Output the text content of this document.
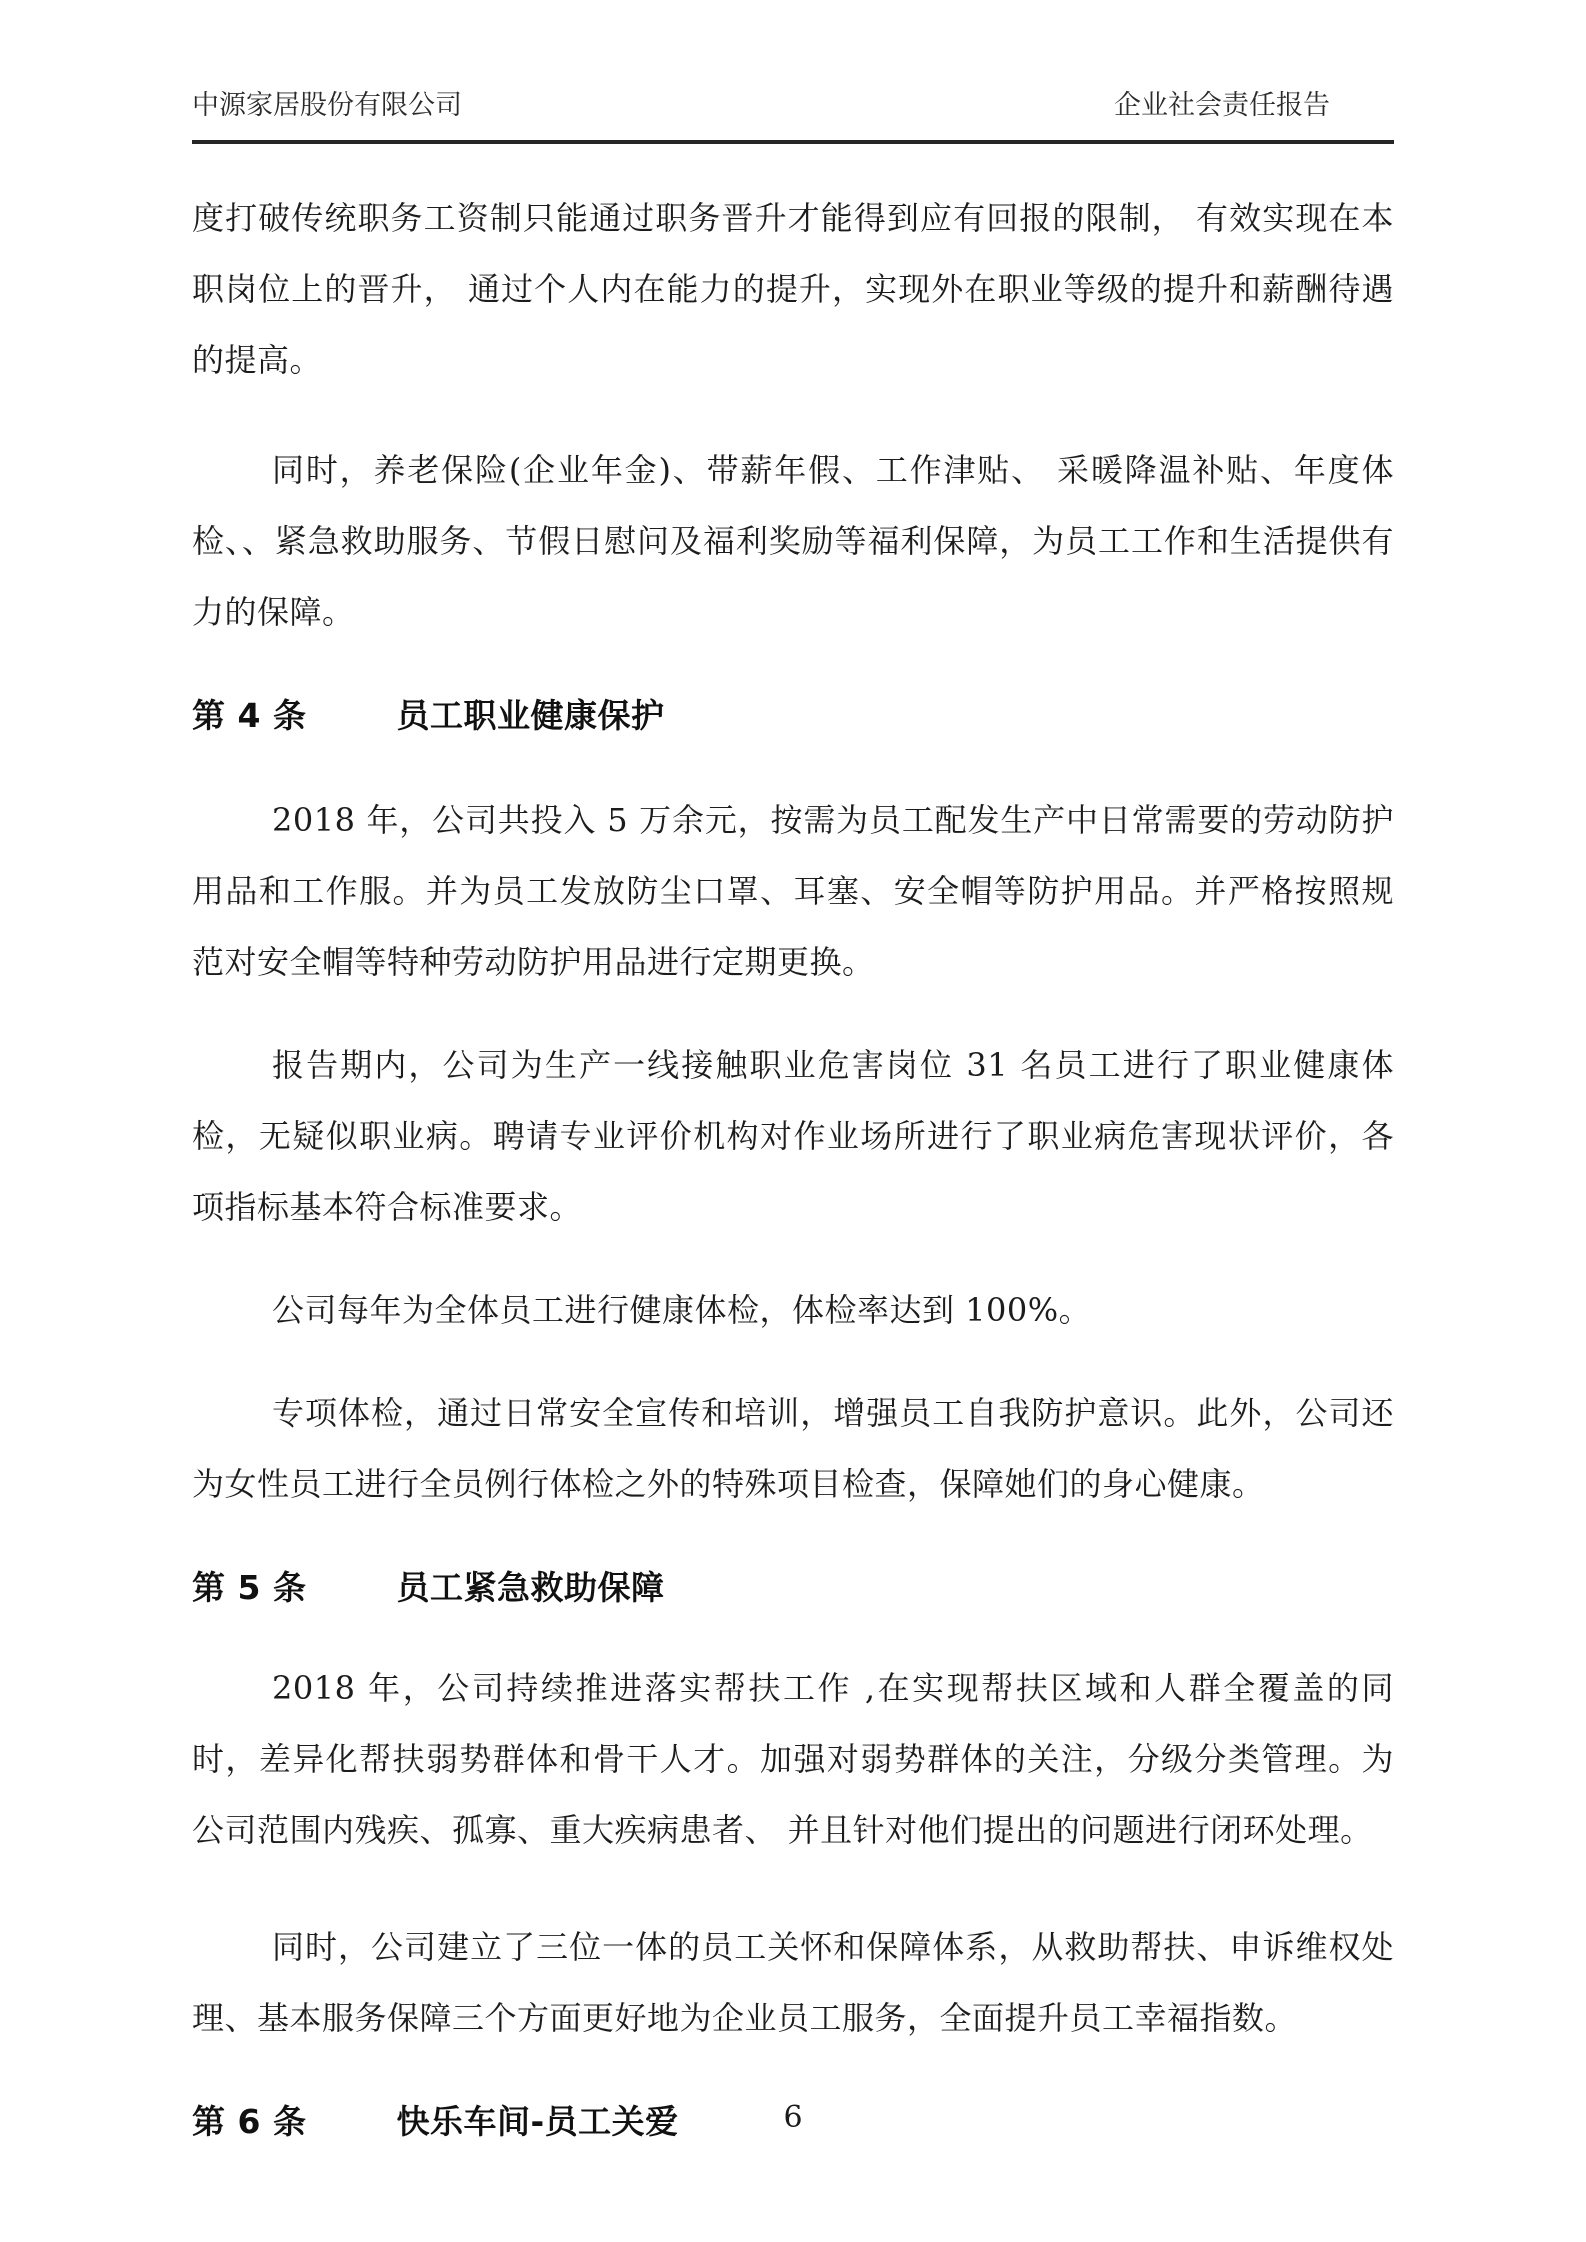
中源家居股份有限公司	企业社会责任报告

度打破传统职务工资制只能通过职务晋升才能得到应有回报的限制， 有效实现在本职岗位上的晋升， 通过个人内在能力的提升，实现外在职业等级的提升和薪酬待遇的提高。

同时，养老保险(企业年金)、带薪年假、工作津贴、 采暖降温补贴、年度体检、、紧急救助服务、节假日慰问及福利奖励等福利保障，为员工工作和生活提供有力的保障。

第 4 条	员工职业健康保护

2018 年，公司共投入 5 万余元，按需为员工配发生产中日常需要的劳动防护用品和工作服。并为员工发放防尘口罩、耳塞、安全帽等防护用品。并严格按照规范对安全帽等特种劳动防护用品进行定期更换。

报告期内，公司为生产一线接触职业危害岗位 31 名员工进行了职业健康体检，无疑似职业病。聘请专业评价机构对作业场所进行了职业病危害现状评价，各项指标基本符合标准要求。

公司每年为全体员工进行健康体检，体检率达到 100%。

专项体检，通过日常安全宣传和培训，增强员工自我防护意识。此外，公司还为女性员工进行全员例行体检之外的特殊项目检查，保障她们的身心健康。

第 5 条	员工紧急救助保障

2018 年，公司持续推进落实帮扶工作 ,在实现帮扶区域和人群全覆盖的同时，差异化帮扶弱势群体和骨干人才。加强对弱势群体的关注，分级分类管理。为公司范围内残疾、孤寡、重大疾病患者、 并且针对他们提出的问题进行闭环处理。

同时，公司建立了三位一体的员工关怀和保障体系，从救助帮扶、申诉维权处理、基本服务保障三个方面更好地为企业员工服务，全面提升员工幸福指数。

第 6 条	快乐车间-员工关爱	6
